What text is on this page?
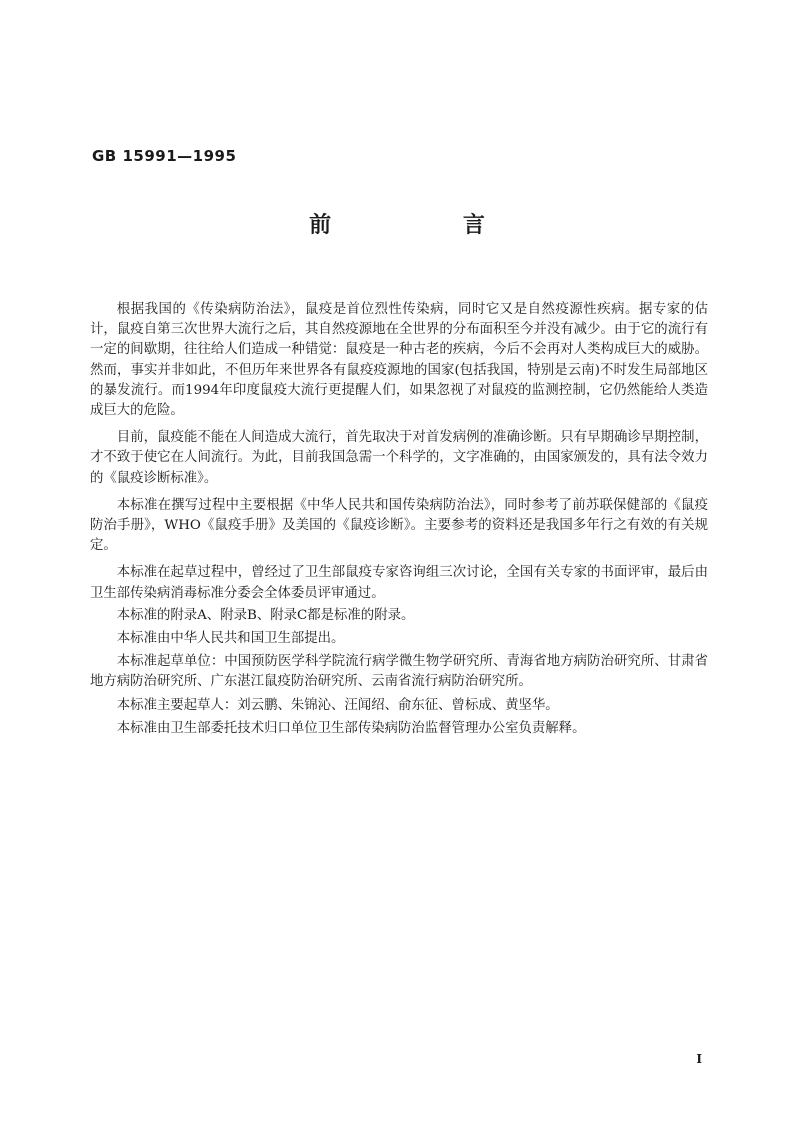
GB 15991—1995

前 言

根据我国的《传染病防治法》，鼠疫是首位烈性传染病，同时它又是自然疫源性疾病。据专家的估计，鼠疫自第三次世界大流行之后，其自然疫源地在全世界的分布面积至今并没有减少。由于它的流行有一定的间歇期，往往给人们造成一种错觉：鼠疫是一种古老的疾病，今后不会再对人类构成巨大的威胁。然而，事实并非如此，不但历年来世界各有鼠疫疫源地的国家(包括我国，特别是云南)不时发生局部地区的暴发流行。而1994年印度鼠疫大流行更提醒人们，如果忽视了对鼠疫的监测控制，它仍然能给人类造成巨大的危险。

目前，鼠疫能不能在人间造成大流行，首先取决于对首发病例的准确诊断。只有早期确诊早期控制，才不致于使它在人间流行。为此，目前我国急需一个科学的，文字准确的，由国家颁发的，具有法令效力的《鼠疫诊断标准》。

本标准在撰写过程中主要根据《中华人民共和国传染病防治法》，同时参考了前苏联保健部的《鼠疫防治手册》，WHO《鼠疫手册》及美国的《鼠疫诊断》。主要参考的资料还是我国多年行之有效的有关规定。

本标准在起草过程中，曾经过了卫生部鼠疫专家咨询组三次讨论，全国有关专家的书面评审，最后由卫生部传染病消毒标准分委会全体委员评审通过。

本标准的附录A、附录B、附录C都是标准的附录。

本标准由中华人民共和国卫生部提出。

本标准起草单位：中国预防医学科学院流行病学微生物学研究所、青海省地方病防治研究所、甘肃省地方病防治研究所、广东湛江鼠疫防治研究所、云南省流行病防治研究所。

本标准主要起草人：刘云鹏、朱锦沁、汪闻绍、俞东征、曾标成、黄坚华。

本标准由卫生部委托技术归口单位卫生部传染病防治监督管理办公室负责解释。

I
